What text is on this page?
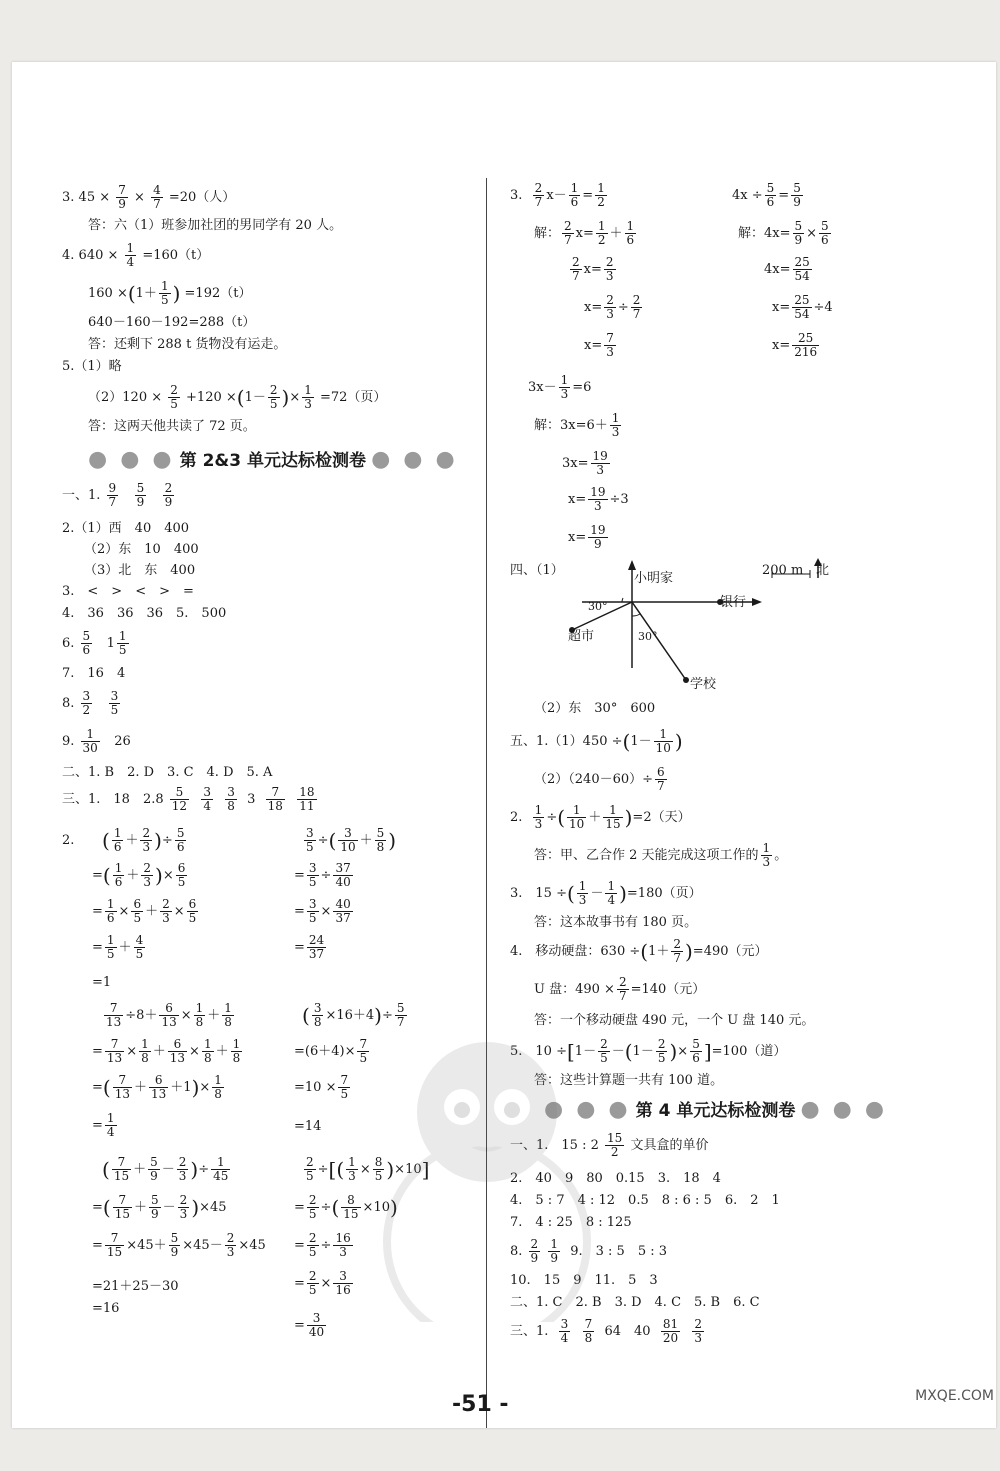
3. $45 \times \frac{7}{9} \times \frac{4}{7} =20$（人）
答：六（1）班参加社团的男同学有 20 人。
4. $640 \times \frac{1}{4} =160(t)$
$160 \times(1+ \frac{1}{5}$ ) =192（t）
640－160－192=288（t）
答：还剩下 288 t 货物没有运走。
5.（1）略
$(2)120 \times \frac{2}{5} +120 \times(1- \frac{2}{5}$ )× $\frac{1}{3} =72$（页）
答：这两天他共读了 72 页。
● ● ● 第 2&3 单元达标检测卷 ● ● ●
一、1. $\frac{9}{7}$
$\frac{5}{9}$
$\frac{2}{9}$
2.（1）西　40　400
（2）东　10　400
（3）北　东　400
3.　<　>　<　>　=
4.　36　36　36　5.　500
6. $\frac{5}{6} 1 \frac{1}{5}$
7.　16　4
8. $\frac{3}{2}$
$\frac{3}{5}$
9. $\frac{1}{30} 26$
二、1. B　2. D　3. C　4. D　5. A
三、1.　18　$2.8 \frac{5}{12}$
$\frac{3}{4}$
$\frac{3}{8} 3 \frac{7}{18}$
$\frac{18}{11}$
2. ( $\frac{1}{6} + \frac{2}{3}$ )÷ $\frac{5}{6}$
=( $\frac{1}{6} + \frac{2}{3}$ )× $\frac{6}{5}$
= $\frac{1}{6} \times \frac{6}{5} + \frac{2}{3} \times \frac{6}{5}$
= $\frac{1}{5} + \frac{4}{5}$
=1
$\frac{7}{13} \div 8+ \frac{6}{13} \times \frac{1}{8} + \frac{1}{8}$
= $\frac{7}{13} \times \frac{1}{8} + \frac{6}{13} \times \frac{1}{8} + \frac{1}{8}$
=( $\frac{7}{13} + \frac{6}{13} +1)\times \frac{1}{8}$
= $\frac{1}{4}$
( $\frac{7}{15} + \frac{5}{9} - \frac{2}{3}$ )÷ $\frac{1}{45}$
=( $\frac{7}{15} + \frac{5}{9} - \frac{2}{3} )\times 45$
= $\frac{7}{15} \times 45+ \frac{5}{9} \times 45- \frac{2}{3} \times 45$
=21＋25－30
=16
$\frac{3}{5}$ ÷( $\frac{3}{10} + \frac{5}{8}$ )
= $\frac{3}{5} \div \frac{37}{40}$
= $\frac{3}{5} \times \frac{40}{37}$
= $\frac{24}{37}$
( $\frac{3}{8} \times 16+4)\div \frac{5}{7}$
$=(6+4)\times \frac{7}{5}$
$=10 \times \frac{7}{5}$
=14
$\frac{2}{5}$ ÷[( $\frac{1}{3} \times \frac{8}{5} )\times 10$]
= $\frac{2}{5}$ ÷( $\frac{8}{15} \times 10$)
= $\frac{2}{5} \div \frac{16}{3}$
= $\frac{2}{5} \times \frac{3}{16}$
= $\frac{3}{40}$
3. $\frac{2}{7} x- \frac{1}{6} = \frac{1}{2}$
解： $\frac{2}{7} x= \frac{1}{2} + \frac{1}{6}$
$\frac{2}{7} x= \frac{2}{3}$
$x= \frac{2}{3} \div \frac{2}{7}$
$x= \frac{7}{3}$
$4x \div \frac{5}{6} = \frac{5}{9}$
解：$4x= \frac{5}{9} \times \frac{5}{6}$
$4x= \frac{25}{54}$
$x= \frac{25}{54} \div 4$
$x= \frac{25}{216}$
$3x- \frac{1}{3} =6$
解：$3x=6+ \frac{1}{3}$
$3x= \frac{19}{3}$
$x= \frac{19}{3} \div 3$
$x= \frac{19}{9}$
四、（1）
小明家
银行
超市
学校
200 m 北
30°
30°
（2）东　30°　600
五、$1.(1)450 \div(1- \frac{1}{10}$ )
$(2)(240-60)\div \frac{6}{7}$
2. $\frac{1}{3}$ ÷( $\frac{1}{10} + \frac{1}{15} )=2$（天）
答：甲、乙合作 2 天能完成这项工作的 $\frac{1}{3}$ 。
3.　15 ÷( $\frac{1}{3} - \frac{1}{4} )=180$（页）
答：这本故事书有 180 页。
4.　移动硬盘：$630 \div(1+ \frac{2}{7} )=490$（元）
U 盘：$490 \times \frac{2}{7} =140$（元）
答：一个移动硬盘 490 元，一个 U 盘 140 元。
5.　$10 \div[1- \frac{2}{5} -(1- \frac{2}{5}$ )× $\frac{5}{6} ]=100$（道）
答：这些计算题一共有 100 道。
● ● ● 第 4 单元达标检测卷 ● ● ●
一、1.　15 : $2 \frac{15}{2}$ 文具盒的单价
2.　40　9　80　0.15　3.　18　4
4.　5 : 7　4 : 12　0.5　8 : 6 : 5　6.　2　1
7.　4 : 25　8 : 125
8. $\frac{2}{9}$
$\frac{1}{9} 9$.　3 : 5　5 : 3
10.　15　9　11.　5　3
二、1. C　2. B　3. D　4. C　5. B　6. C
三、1. $\frac{3}{4}$
$\frac{7}{8} 64$　$40 \frac{81}{20}$
$\frac{2}{3}$
-51 -	MXQE.COM
